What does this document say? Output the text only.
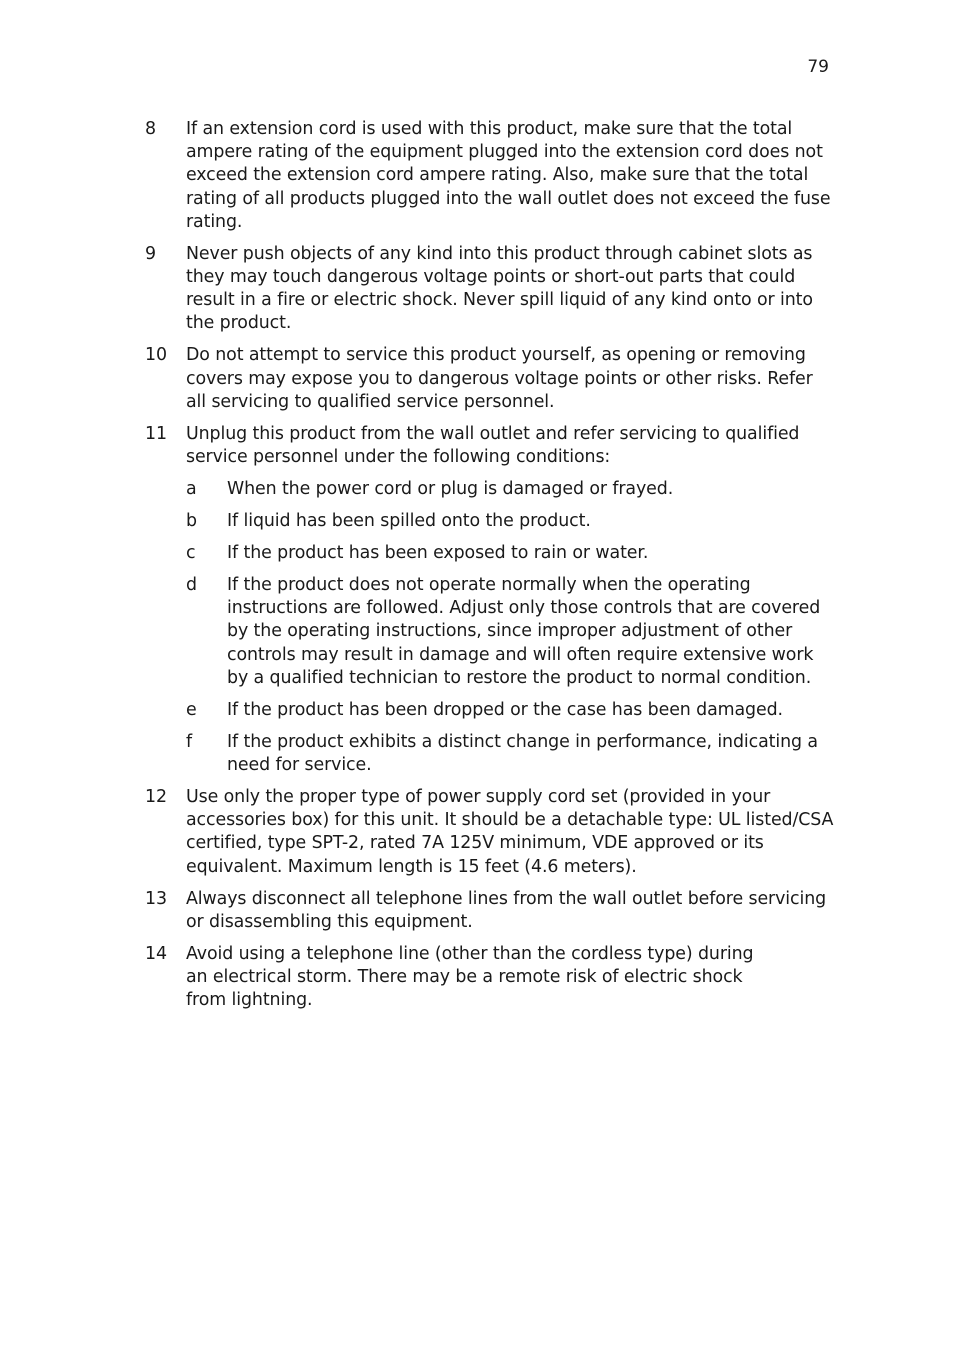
79
8	If an extension cord is used with this product, make sure that the total ampere rating of the equipment plugged into the extension cord does not exceed the extension cord ampere rating. Also, make sure that the total rating of all products plugged into the wall outlet does not exceed the fuse rating.
9	Never push objects of any kind into this product through cabinet slots as they may touch dangerous voltage points or short-out parts that could result in a fire or electric shock. Never spill liquid of any kind onto or into the product.
10	Do not attempt to service this product yourself, as opening or removing covers may expose you to dangerous voltage points or other risks. Refer all servicing to qualified service personnel.
11	Unplug this product from the wall outlet and refer servicing to qualified service personnel under the following conditions:
a	When the power cord or plug is damaged or frayed.
b	If liquid has been spilled onto the product.
c	If the product has been exposed to rain or water.
d	If the product does not operate normally when the operating instructions are followed. Adjust only those controls that are covered by the operating instructions, since improper adjustment of other controls may result in damage and will often require extensive work by a qualified technician to restore the product to normal condition.
e	If the product has been dropped or the case has been damaged.
f	If the product exhibits a distinct change in performance, indicating a need for service.
12	Use only the proper type of power supply cord set (provided in your accessories box) for this unit. It should be a detachable type: UL listed/CSA certified, type SPT-2, rated 7A 125V minimum, VDE approved or its equivalent. Maximum length is 15 feet (4.6 meters).
13	Always disconnect all telephone lines from the wall outlet before servicing or disassembling this equipment.
14	Avoid using a telephone line (other than the cordless type) during an electrical storm. There may be a remote risk of electric shock from lightning.
